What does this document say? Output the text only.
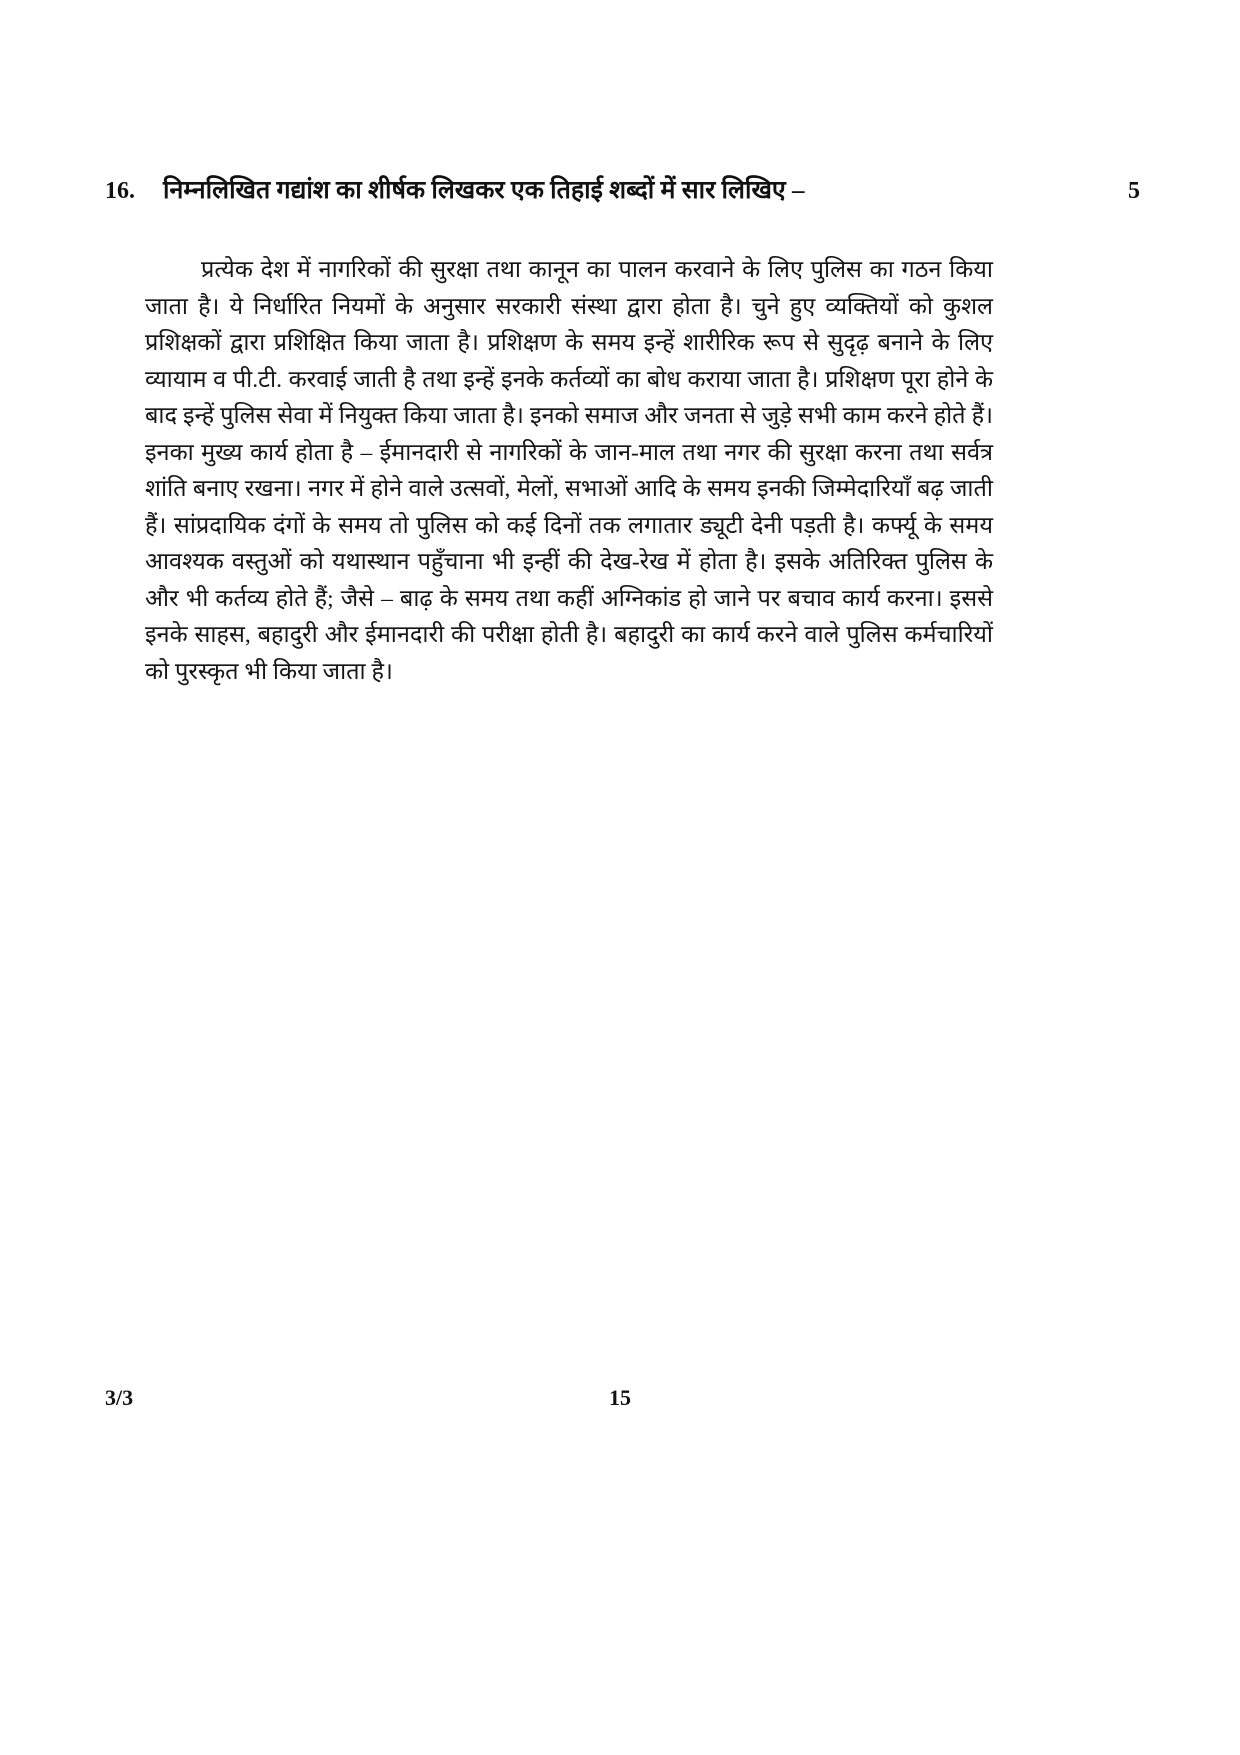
16. निम्नलिखित गद्यांश का शीर्षक लिखकर एक तिहाई शब्दों में सार लिखिए –	5
प्रत्येक देश में नागरिकों की सुरक्षा तथा कानून का पालन करवाने के लिए पुलिस का गठन किया जाता है। ये निर्धारित नियमों के अनुसार सरकारी संस्था द्वारा होता है। चुने हुए व्यक्तियों को कुशल प्रशिक्षकों द्वारा प्रशिक्षित किया जाता है। प्रशिक्षण के समय इन्हें शारीरिक रूप से सुदृढ़ बनाने के लिए व्यायाम व पी.टी. करवाई जाती है तथा इन्हें इनके कर्तव्यों का बोध कराया जाता है। प्रशिक्षण पूरा होने के बाद इन्हें पुलिस सेवा में नियुक्त किया जाता है। इनको समाज और जनता से जुड़े सभी काम करने होते हैं। इनका मुख्य कार्य होता है – ईमानदारी से नागरिकों के जान-माल तथा नगर की सुरक्षा करना तथा सर्वत्र शांति बनाए रखना। नगर में होने वाले उत्सवों, मेलों, सभाओं आदि के समय इनकी जिम्मेदारियाँ बढ़ जाती हैं। सांप्रदायिक दंगों के समय तो पुलिस को कई दिनों तक लगातार ड्यूटी देनी पड़ती है। कर्फ्यू के समय आवश्यक वस्तुओं को यथास्थान पहुँचाना भी इन्हीं की देख-रेख में होता है। इसके अतिरिक्त पुलिस के और भी कर्तव्य होते हैं; जैसे – बाढ़ के समय तथा कहीं अग्निकांड हो जाने पर बचाव कार्य करना। इससे इनके साहस, बहादुरी और ईमानदारी की परीक्षा होती है। बहादुरी का कार्य करने वाले पुलिस कर्मचारियों को पुरस्कृत भी किया जाता है।
3/3	15
